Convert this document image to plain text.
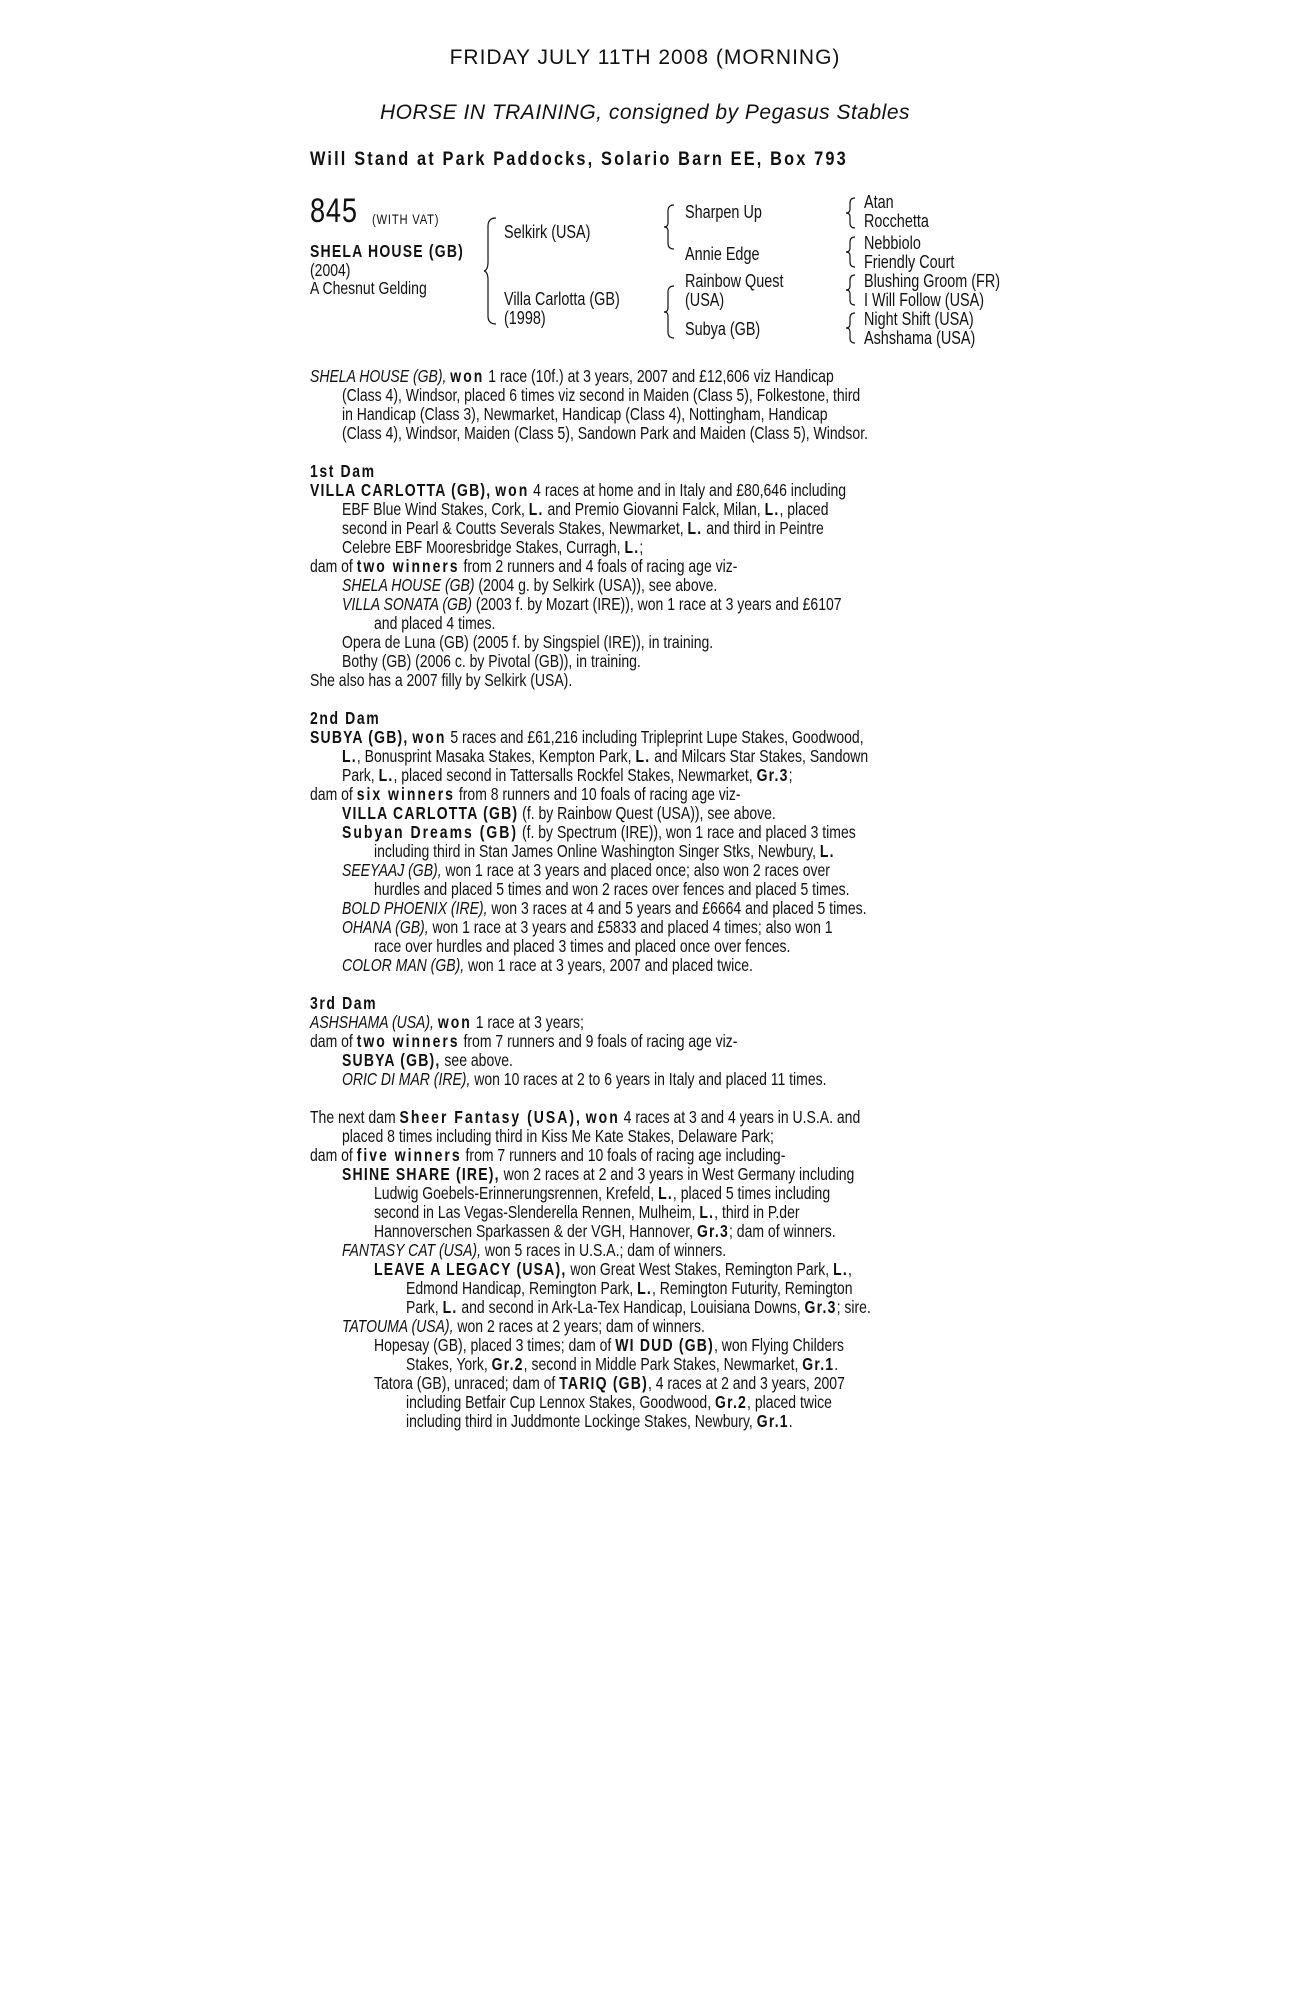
FRIDAY JULY 11TH 2008 (MORNING)
HORSE IN TRAINING, consigned by Pegasus Stables
Will Stand at Park Paddocks, Solario Barn EE, Box 793
845 (WITH VAT)
SHELA HOUSE (GB)
(2004)
A Chesnut Gelding
Selkirk (USA)
Villa Carlotta (GB)
(1998)
Sharpen Up
Annie Edge
Rainbow Quest
(USA)
Subya (GB)
Atan
Rocchetta
Nebbiolo
Friendly Court
Blushing Groom (FR)
I Will Follow (USA)
Night Shift (USA)
Ashshama (USA)
SHELA HOUSE (GB), won 1 race (10f.) at 3 years, 2007 and £12,606 viz Handicap
(Class 4), Windsor, placed 6 times viz second in Maiden (Class 5), Folkestone, third
in Handicap (Class 3), Newmarket, Handicap (Class 4), Nottingham, Handicap
(Class 4), Windsor, Maiden (Class 5), Sandown Park and Maiden (Class 5), Windsor.
1st Dam
VILLA CARLOTTA (GB), won 4 races at home and in Italy and £80,646 including
EBF Blue Wind Stakes, Cork, L. and Premio Giovanni Falck, Milan, L., placed
second in Pearl & Coutts Severals Stakes, Newmarket, L. and third in Peintre
Celebre EBF Mooresbridge Stakes, Curragh, L.;
dam of two winners from 2 runners and 4 foals of racing age viz-
SHELA HOUSE (GB) (2004 g. by Selkirk (USA)), see above.
VILLA SONATA (GB) (2003 f. by Mozart (IRE)), won 1 race at 3 years and £6107
and placed 4 times.
Opera de Luna (GB) (2005 f. by Singspiel (IRE)), in training.
Bothy (GB) (2006 c. by Pivotal (GB)), in training.
She also has a 2007 filly by Selkirk (USA).
2nd Dam
SUBYA (GB), won 5 races and £61,216 including Tripleprint Lupe Stakes, Goodwood,
L., Bonusprint Masaka Stakes, Kempton Park, L. and Milcars Star Stakes, Sandown
Park, L., placed second in Tattersalls Rockfel Stakes, Newmarket, Gr.3;
dam of six winners from 8 runners and 10 foals of racing age viz-
VILLA CARLOTTA (GB) (f. by Rainbow Quest (USA)), see above.
Subyan Dreams (GB) (f. by Spectrum (IRE)), won 1 race and placed 3 times
including third in Stan James Online Washington Singer Stks, Newbury, L.
SEEYAAJ (GB), won 1 race at 3 years and placed once; also won 2 races over
hurdles and placed 5 times and won 2 races over fences and placed 5 times.
BOLD PHOENIX (IRE), won 3 races at 4 and 5 years and £6664 and placed 5 times.
OHANA (GB), won 1 race at 3 years and £5833 and placed 4 times; also won 1
race over hurdles and placed 3 times and placed once over fences.
COLOR MAN (GB), won 1 race at 3 years, 2007 and placed twice.
3rd Dam
ASHSHAMA (USA), won 1 race at 3 years;
dam of two winners from 7 runners and 9 foals of racing age viz-
SUBYA (GB), see above.
ORIC DI MAR (IRE), won 10 races at 2 to 6 years in Italy and placed 11 times.
The next dam Sheer Fantasy (USA), won 4 races at 3 and 4 years in U.S.A. and
placed 8 times including third in Kiss Me Kate Stakes, Delaware Park;
dam of five winners from 7 runners and 10 foals of racing age including-
SHINE SHARE (IRE), won 2 races at 2 and 3 years in West Germany including
Ludwig Goebels-Erinnerungsrennen, Krefeld, L., placed 5 times including
second in Las Vegas-Slenderella Rennen, Mulheim, L., third in P.der
Hannoverschen Sparkassen & der VGH, Hannover, Gr.3; dam of winners.
FANTASY CAT (USA), won 5 races in U.S.A.; dam of winners.
LEAVE A LEGACY (USA), won Great West Stakes, Remington Park, L.,
Edmond Handicap, Remington Park, L., Remington Futurity, Remington
Park, L. and second in Ark-La-Tex Handicap, Louisiana Downs, Gr.3; sire.
TATOUMA (USA), won 2 races at 2 years; dam of winners.
Hopesay (GB), placed 3 times; dam of WI DUD (GB), won Flying Childers
Stakes, York, Gr.2, second in Middle Park Stakes, Newmarket, Gr.1.
Tatora (GB), unraced; dam of TARIQ (GB), 4 races at 2 and 3 years, 2007
including Betfair Cup Lennox Stakes, Goodwood, Gr.2, placed twice
including third in Juddmonte Lockinge Stakes, Newbury, Gr.1.
